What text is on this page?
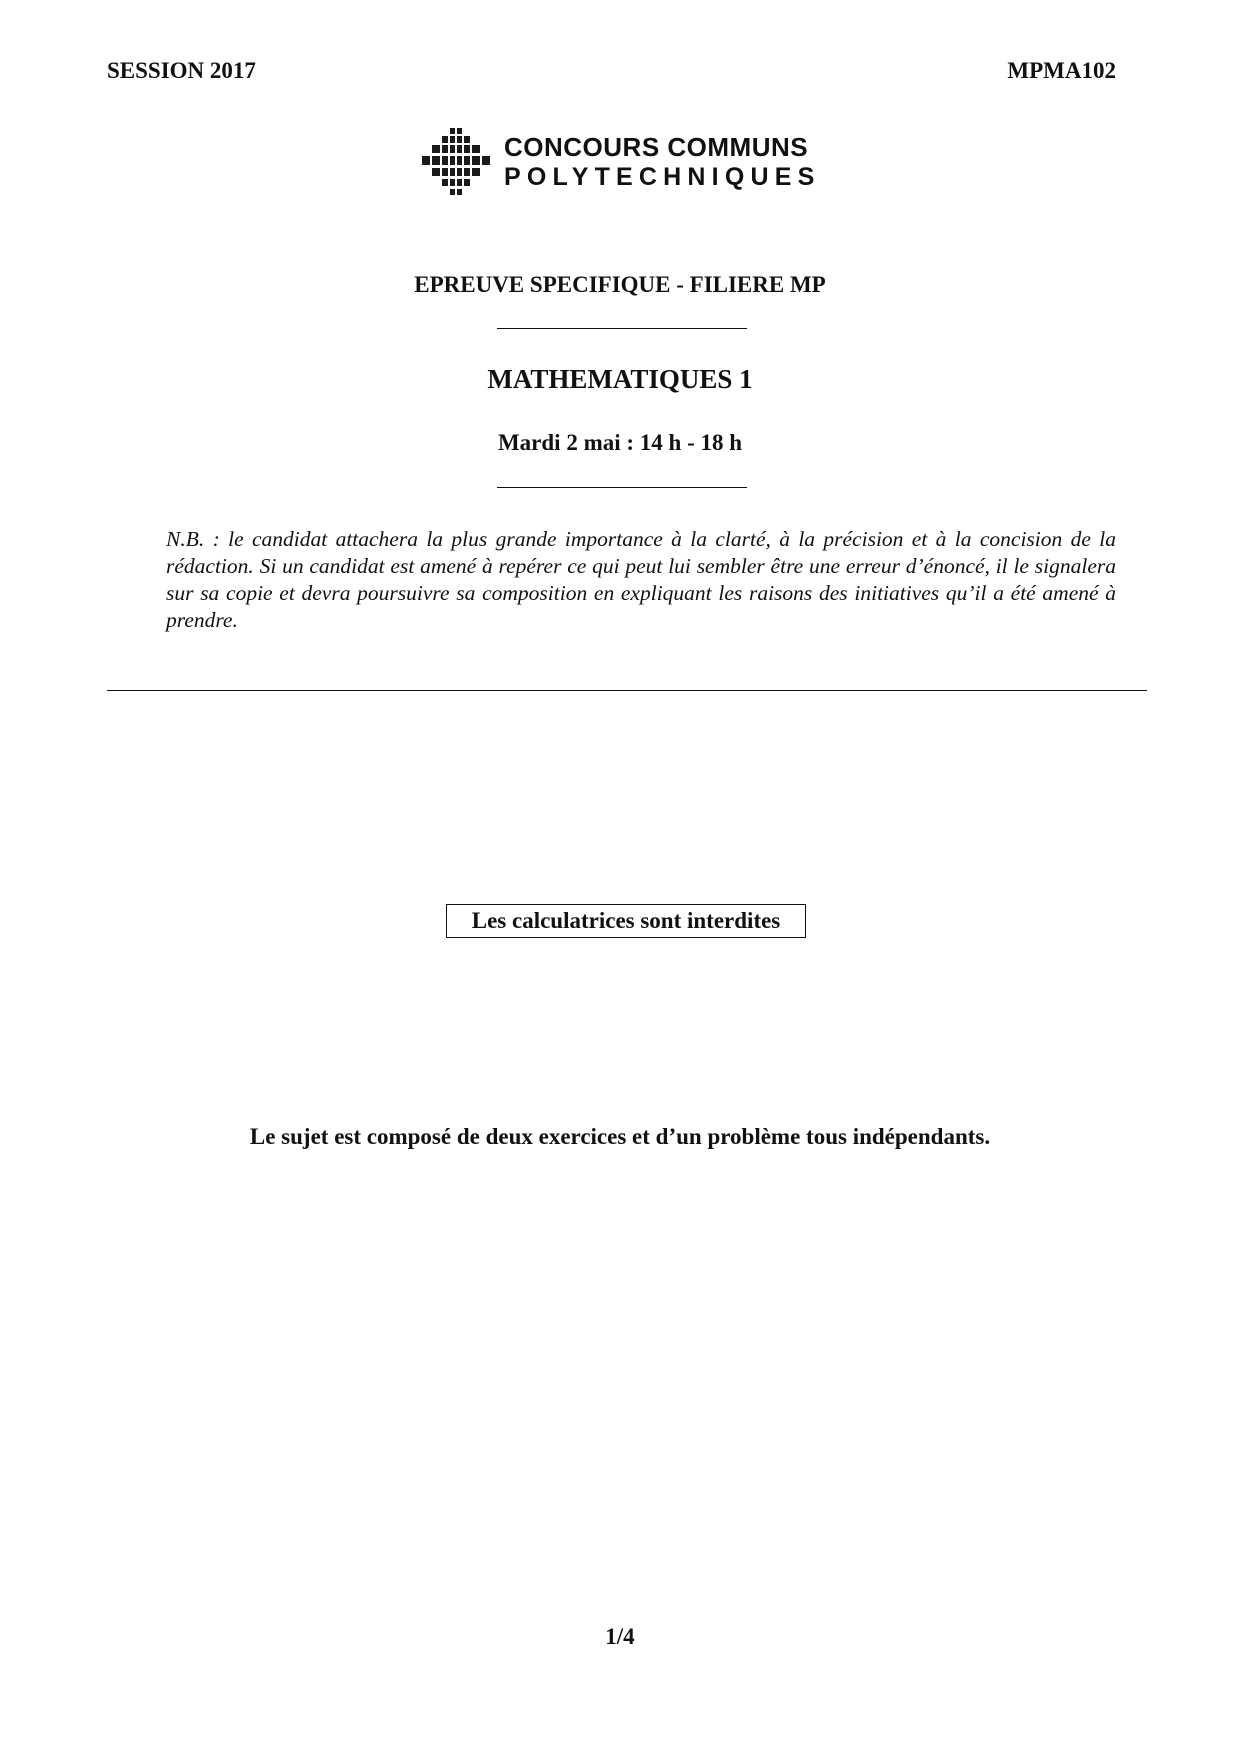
SESSION 2017	MPMA102
CONCOURS COMMUNS
POLYTECHNIQUES
EPREUVE SPECIFIQUE - FILIERE MP
MATHEMATIQUES 1
Mardi 2 mai : 14 h - 18 h
N.B. : le candidat attachera la plus grande importance à la clarté, à la précision et à la concision de la rédaction. Si un candidat est amené à repérer ce qui peut lui sembler être une erreur d’énoncé, il le signalera sur sa copie et devra poursuivre sa composition en expliquant les raisons des initiatives qu’il a été amené à prendre.
Les calculatrices sont interdites
Le sujet est composé de deux exercices et d’un problème tous indépendants.
1/4
